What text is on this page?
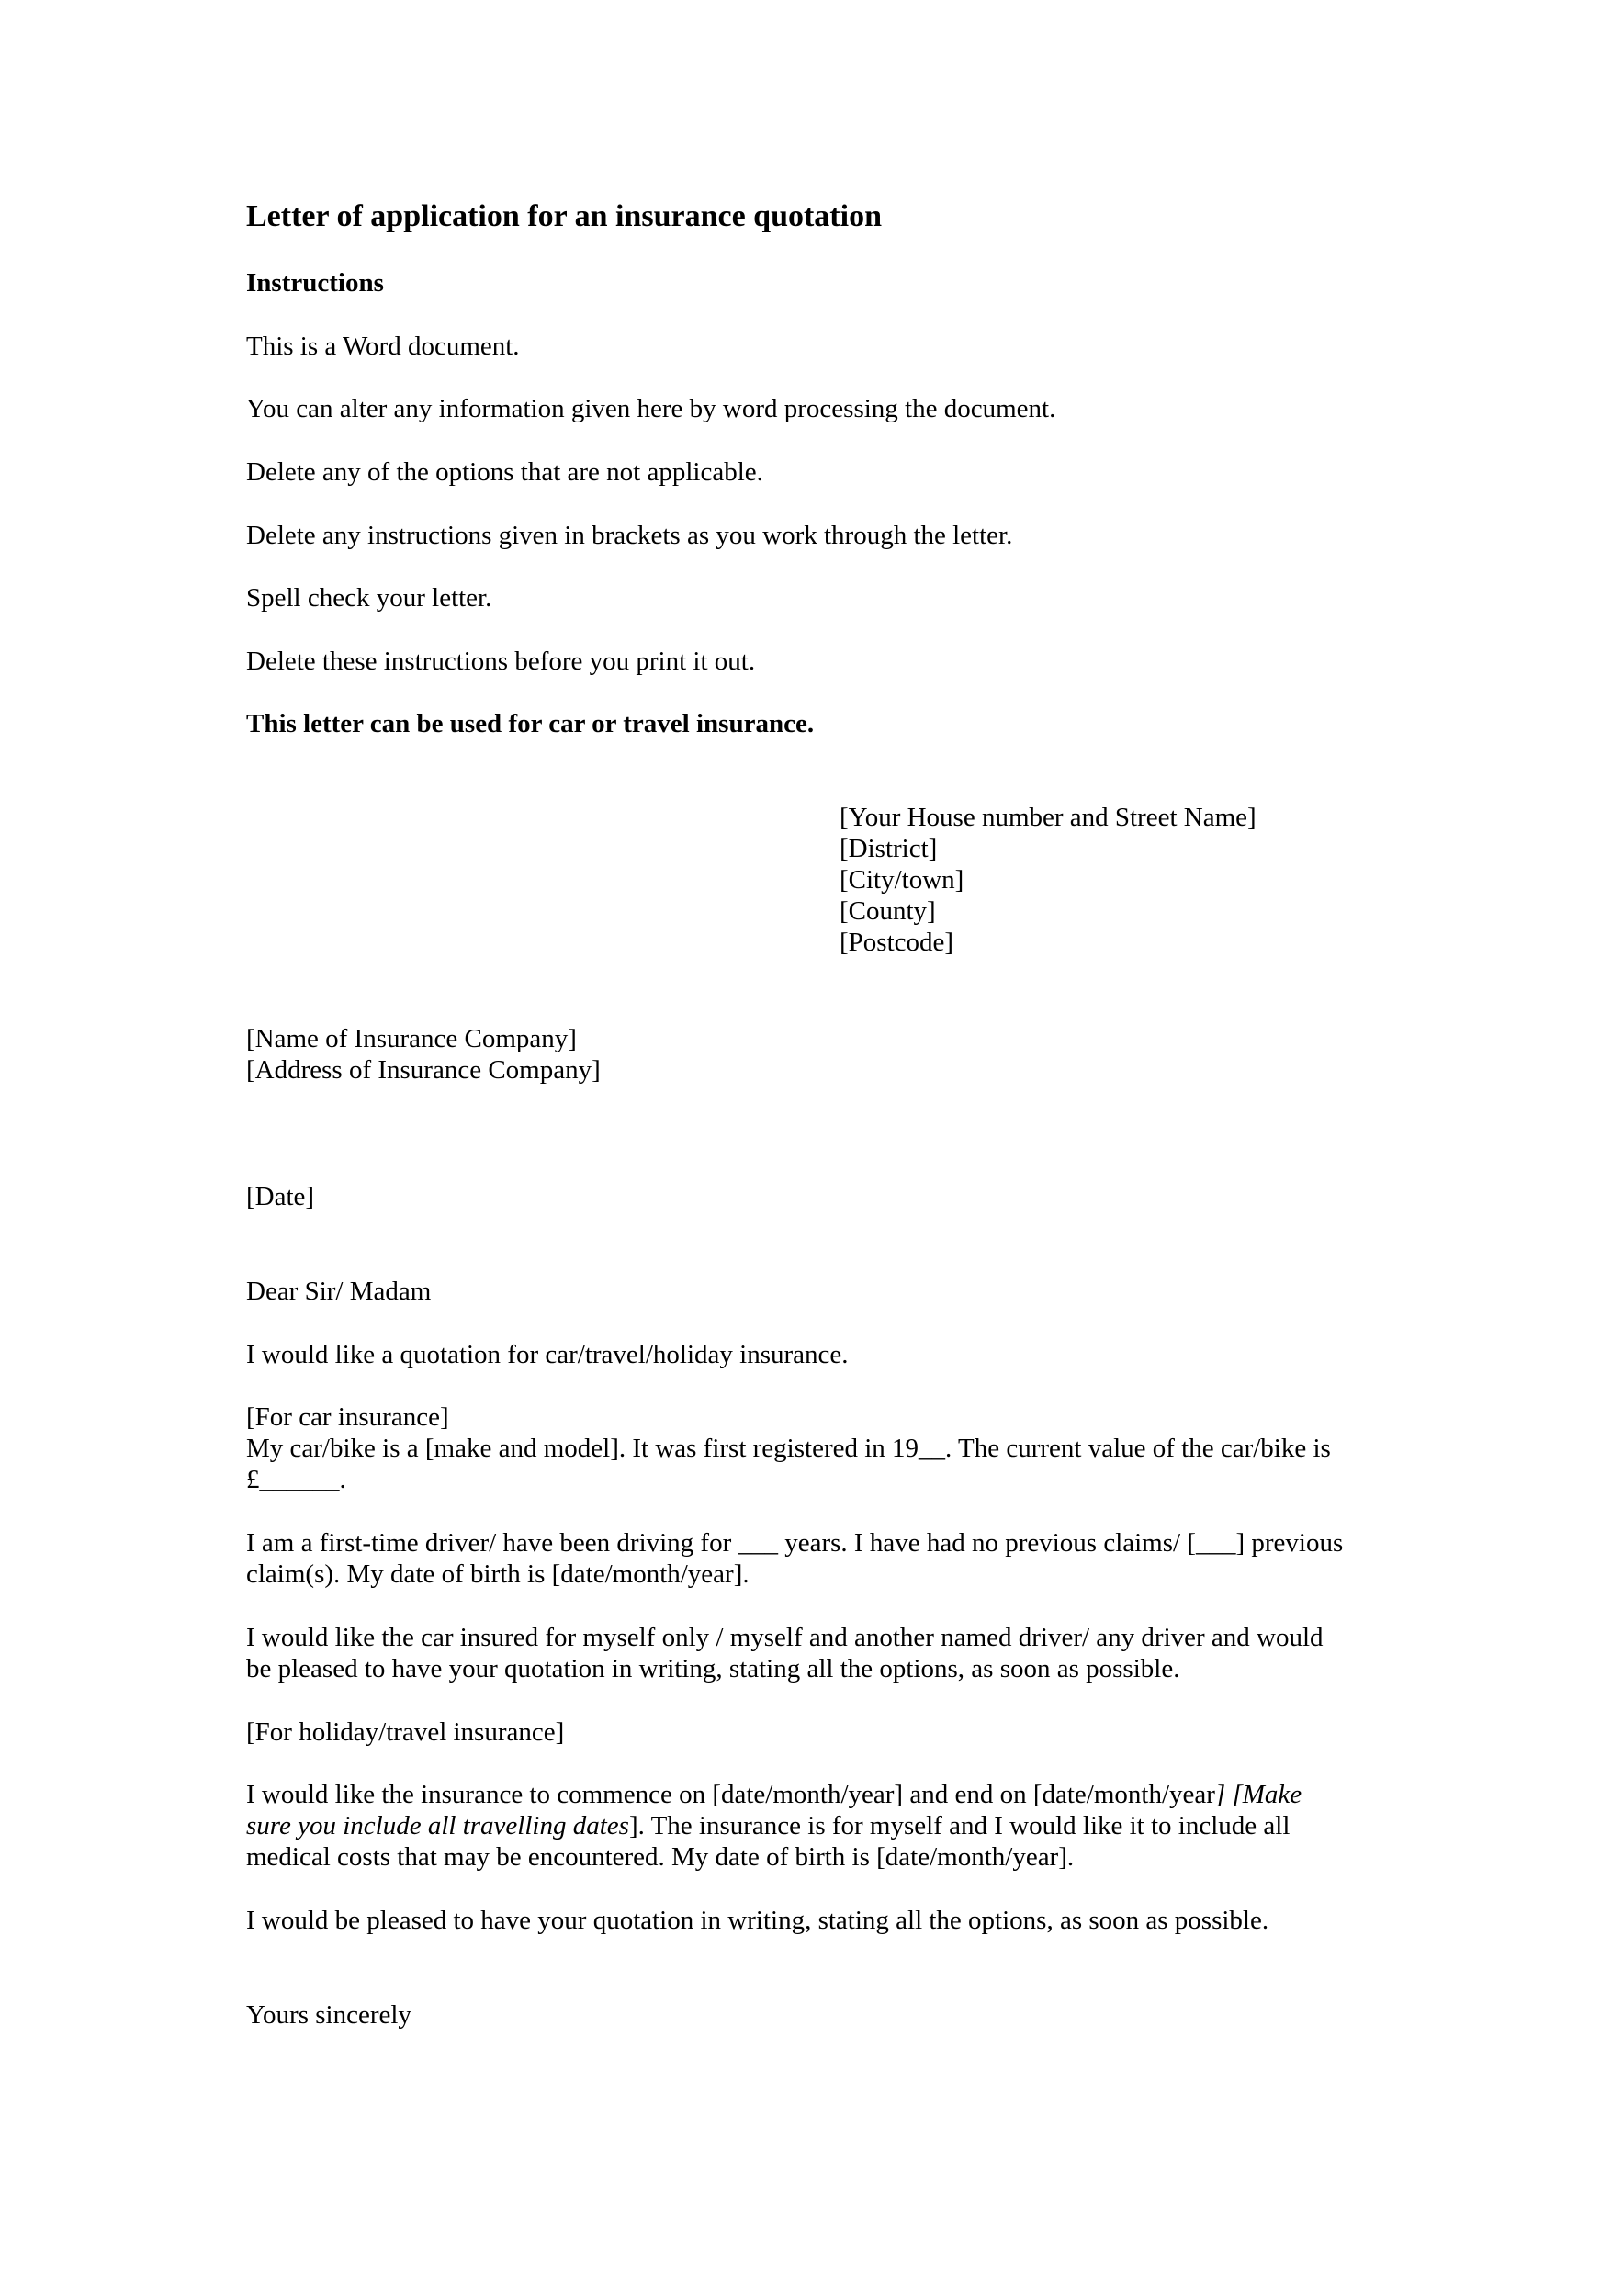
Letter of application for an insurance quotation

Instructions

This is a Word document.

You can alter any information given here by word processing the document.

Delete any of the options that are not applicable.

Delete any instructions given in brackets as you work through the letter.

Spell check your letter.

Delete these instructions before you print it out.

This letter can be used for car or travel insurance.

[Your House number and Street Name]
[District]
[City/town]
[County]
[Postcode]
[Name of Insurance Company]
[Address of Insurance Company]

[Date]

Dear Sir/ Madam

I would like a quotation for car/travel/holiday insurance.

[For car insurance]
My car/bike is a [make and model]. It was first registered in 19__. The current value of the car/bike is
£______.
I am a first-time driver/ have been driving for ___ years. I have had no previous claims/ [___] previous
claim(s). My date of birth is [date/month/year].
I would like the car insured for myself only / myself and another named driver/ any driver and would
be pleased to have your quotation in writing, stating all the options, as soon as possible.

[For holiday/travel insurance]

I would like the insurance to commence on [date/month/year] and end on [date/month/year] [Make
sure you include all travelling dates]. The insurance is for myself and I would like it to include all
medical costs that may be encountered. My date of birth is [date/month/year].

I would be pleased to have your quotation in writing, stating all the options, as soon as possible.

Yours sincerely
